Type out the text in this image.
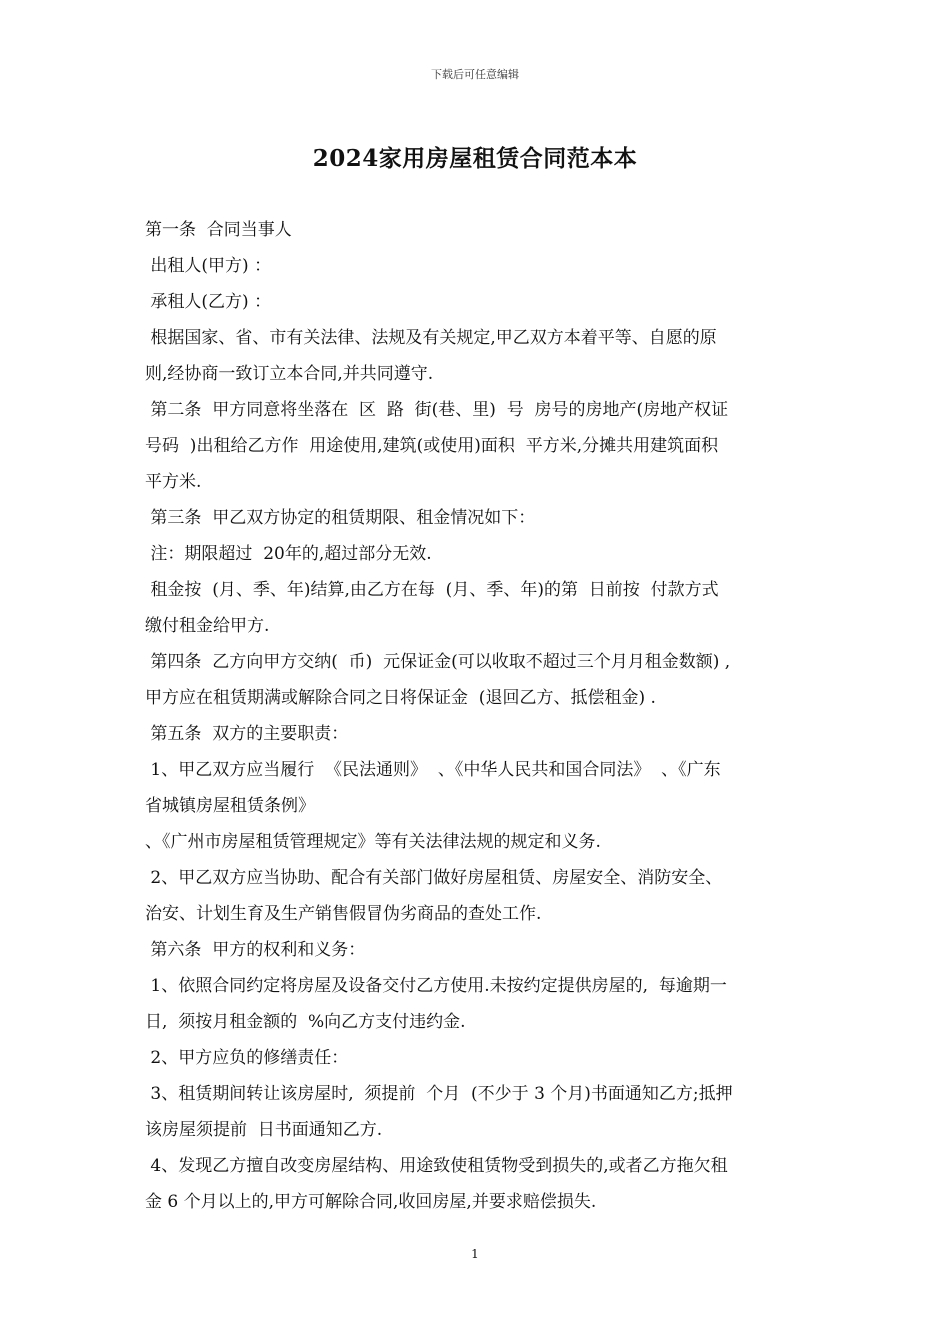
下载后可任意编辑
2024家用房屋租赁合同范本本
第一条  合同当事人
出租人(甲方) ：
承租人(乙方) ：
根据国家、省、市有关法律、法规及有关规定,甲乙双方本着平等、自愿的原
则,经协商一致订立本合同,并共同遵守.
第二条  甲方同意将坐落在  区  路  街(巷、里)  号  房号的房地产(房地产权证
号码  )出租给乙方作  用途使用,建筑(或使用)面积  平方米,分摊共用建筑面积
平方米.
第三条  甲乙双方协定的租赁期限、租金情况如下：
注：期限超过  20年的,超过部分无效.
租金按  (月、季、年)结算,由乙方在每  (月、季、年)的第  日前按  付款方式
缴付租金给甲方.
第四条  乙方向甲方交纳(  币)  元保证金(可以收取不超过三个月月租金数额) ,
甲方应在租赁期满或解除合同之日将保证金  (退回乙方、抵偿租金) .
第五条  双方的主要职责：
1、甲乙双方应当履行  《民法通则》  、《中华人民共和国合同法》  、《广东
省城镇房屋租赁条例》
、《广州市房屋租赁管理规定》等有关法律法规的规定和义务.
2、甲乙双方应当协助、配合有关部门做好房屋租赁、房屋安全、消防安全、
治安、计划生育及生产销售假冒伪劣商品的查处工作.
第六条  甲方的权利和义务：
1、依照合同约定将房屋及设备交付乙方使用.未按约定提供房屋的,  每逾期一
日,  须按月租金额的  %向乙方支付违约金.
2、甲方应负的修缮责任：
3、租赁期间转让该房屋时,  须提前  个月  (不少于 3 个月)书面通知乙方;抵押
该房屋须提前  日书面通知乙方.
4、发现乙方擅自改变房屋结构、用途致使租赁物受到损失的,或者乙方拖欠租
金 6 个月以上的,甲方可解除合同,收回房屋,并要求赔偿损失.
1
